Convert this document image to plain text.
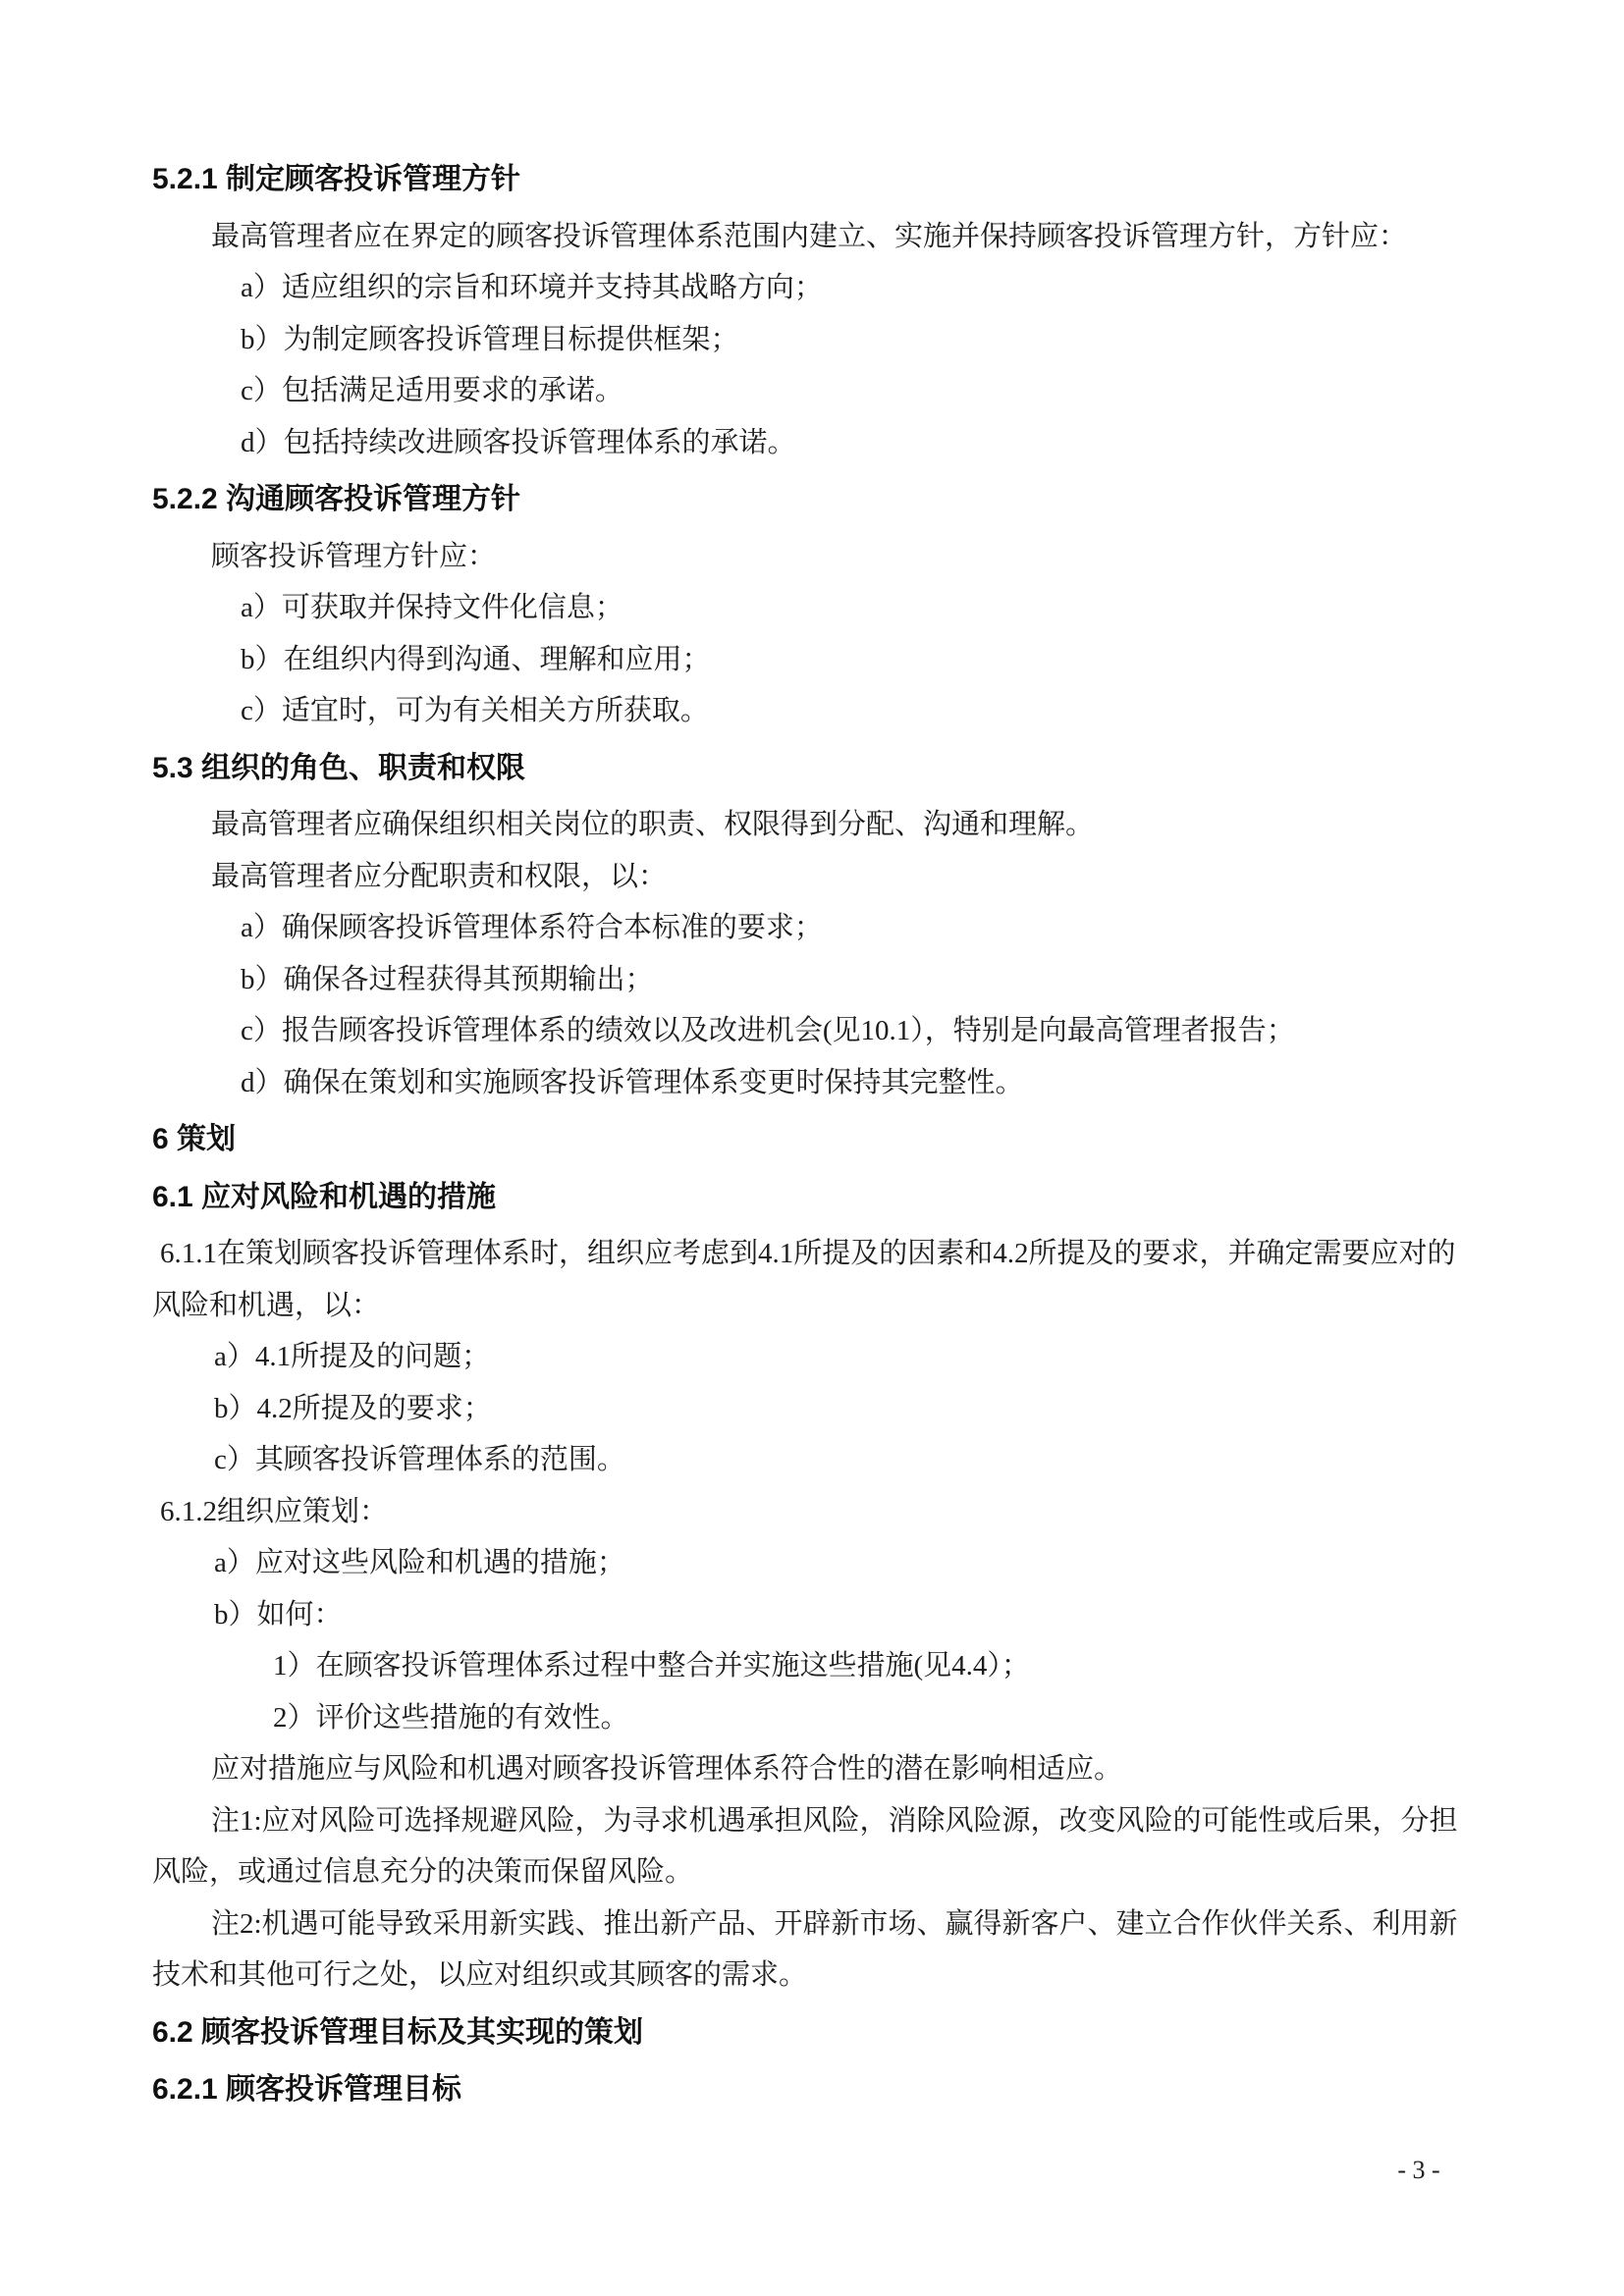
5.2.1 制定顾客投诉管理方针
最高管理者应在界定的顾客投诉管理体系范围内建立、实施并保持顾客投诉管理方针，方针应：
a）适应组织的宗旨和环境并支持其战略方向；
b）为制定顾客投诉管理目标提供框架；
c）包括满足适用要求的承诺。
d）包括持续改进顾客投诉管理体系的承诺。
5.2.2 沟通顾客投诉管理方针
顾客投诉管理方针应：
a）可获取并保持文件化信息；
b）在组织内得到沟通、理解和应用；
c）适宜时，可为有关相关方所获取。
5.3 组织的角色、职责和权限
最高管理者应确保组织相关岗位的职责、权限得到分配、沟通和理解。
最高管理者应分配职责和权限，以：
a）确保顾客投诉管理体系符合本标准的要求；
b）确保各过程获得其预期输出；
c）报告顾客投诉管理体系的绩效以及改进机会(见10.1），特别是向最高管理者报告；
d）确保在策划和实施顾客投诉管理体系变更时保持其完整性。
6 策划
6.1 应对风险和机遇的措施
6.1.1在策划顾客投诉管理体系时，组织应考虑到4.1所提及的因素和4.2所提及的要求，并确定需要应对的
风险和机遇，以：
a）4.1所提及的问题；
b）4.2所提及的要求；
c）其顾客投诉管理体系的范围。
6.1.2组织应策划：
a）应对这些风险和机遇的措施；
b）如何：
1）在顾客投诉管理体系过程中整合并实施这些措施(见4.4）；
2）评价这些措施的有效性。
应对措施应与风险和机遇对顾客投诉管理体系符合性的潜在影响相适应。
注1:应对风险可选择规避风险，为寻求机遇承担风险，消除风险源，改变风险的可能性或后果，分担
风险，或通过信息充分的决策而保留风险。
注2:机遇可能导致采用新实践、推出新产品、开辟新市场、赢得新客户、建立合作伙伴关系、利用新
技术和其他可行之处，以应对组织或其顾客的需求。
6.2 顾客投诉管理目标及其实现的策划
6.2.1 顾客投诉管理目标
- 3 -
